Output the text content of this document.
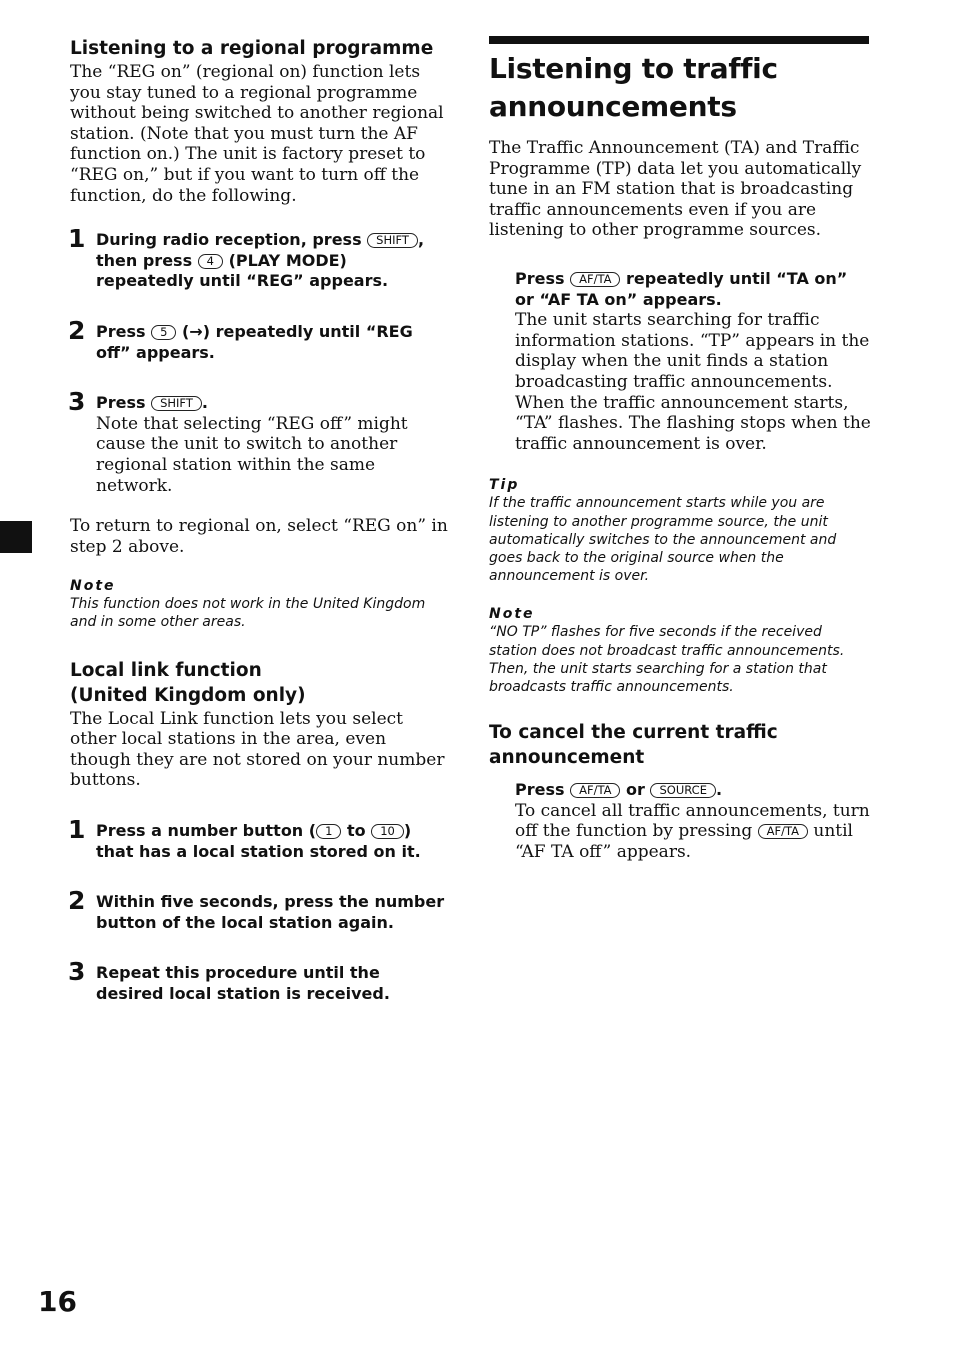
Listening to a regional programme

The “REG on” (regional on) function lets you stay tuned to a regional programme without being switched to another regional station. (Note that you must turn the AF function on.) The unit is factory preset to “REG on,” but if you want to turn off the function, do the following.

1 During radio reception, press SHIFT , then press 4 (PLAY MODE) repeatedly until “REG” appears.
2 Press 5 (→) repeatedly until “REG off” appears.
3 Press SHIFT .

Note that selecting “REG off” might cause the unit to switch to another regional station within the same network.

To return to regional on, select “REG on” in step 2 above.

Note

This function does not work in the United Kingdom and in some other areas.

Local link function
(United Kingdom only)

The Local Link function lets you select other local stations in the area, even though they are not stored on your number buttons.

1 Press a number button ( 1 to 10 ) that has a local station stored on it.
2 Within five seconds, press the number button of the local station again.
3 Repeat this procedure until the desired local station is received.
Listening to traffic announcements

The Traffic Announcement (TA) and Traffic Programme (TP) data let you automatically tune in an FM station that is broadcasting traffic announcements even if you are listening to other programme sources.

Press AF/TA repeatedly until “TA on” or “AF TA on” appears.

The unit starts searching for traffic information stations. “TP” appears in the display when the unit finds a station broadcasting traffic announcements. When the traffic announcement starts, “TA” flashes. The flashing stops when the traffic announcement is over.

Tip

If the traffic announcement starts while you are listening to another programme source, the unit automatically switches to the announcement and goes back to the original source when the announcement is over.

Note

“NO TP” flashes for five seconds if the received station does not broadcast traffic announcements. Then, the unit starts searching for a station that broadcasts traffic announcements.

To cancel the current traffic
announcement
Press AF/TA or SOURCE .

To cancel all traffic announcements, turn off the function by pressing AF/TA until “AF TA off” appears.

16
